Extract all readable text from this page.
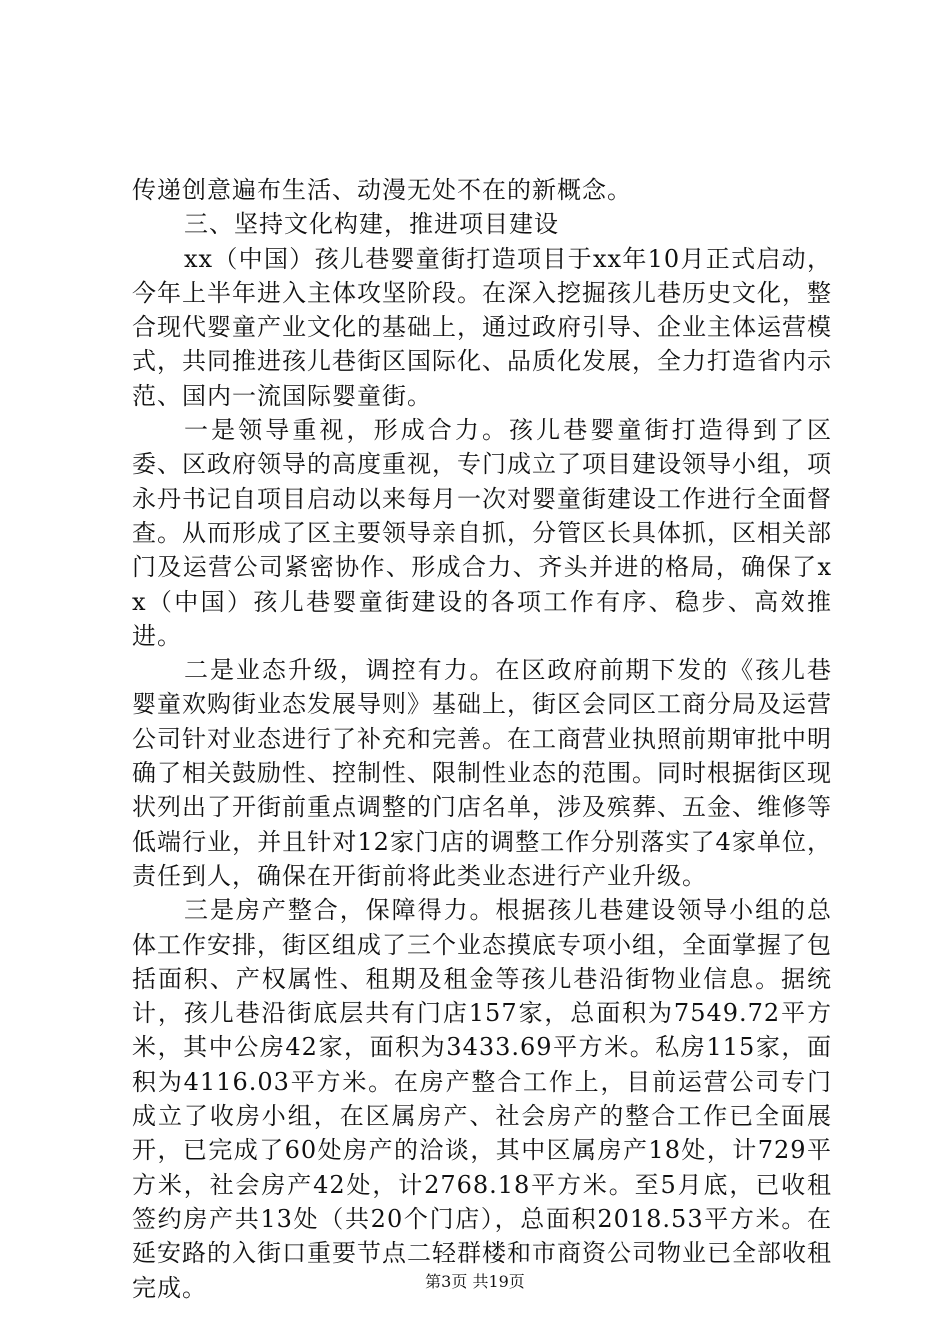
传递创意遍布生活、动漫无处不在的新概念。

三、坚持文化构建，推进项目建设

xx（中国）孩儿巷婴童街打造项目于xx年10月正式启动，今年上半年进入主体攻坚阶段。在深入挖掘孩儿巷历史文化，整合现代婴童产业文化的基础上，通过政府引导、企业主体运营模式，共同推进孩儿巷街区国际化、品质化发展，全力打造省内示范、国内一流国际婴童街。

一是领导重视，形成合力。孩儿巷婴童街打造得到了区委、区政府领导的高度重视，专门成立了项目建设领导小组，项永丹书记自项目启动以来每月一次对婴童街建设工作进行全面督查。从而形成了区主要领导亲自抓，分管区长具体抓，区相关部门及运营公司紧密协作、形成合力、齐头并进的格局，确保了xx（中国）孩儿巷婴童街建设的各项工作有序、稳步、高效推进。

二是业态升级，调控有力。在区政府前期下发的《孩儿巷婴童欢购街业态发展导则》基础上，街区会同区工商分局及运营公司针对业态进行了补充和完善。在工商营业执照前期审批中明确了相关鼓励性、控制性、限制性业态的范围。同时根据街区现状列出了开街前重点调整的门店名单，涉及殡葬、五金、维修等低端行业，并且针对12家门店的调整工作分别落实了4家单位，责任到人，确保在开街前将此类业态进行产业升级。

三是房产整合，保障得力。根据孩儿巷建设领导小组的总体工作安排，街区组成了三个业态摸底专项小组，全面掌握了包括面积、产权属性、租期及租金等孩儿巷沿街物业信息。据统计，孩儿巷沿街底层共有门店157家，总面积为7549.72平方米，其中公房42家，面积为3433.69平方米。私房115家，面积为4116.03平方米。在房产整合工作上，目前运营公司专门成立了收房小组，在区属房产、社会房产的整合工作已全面展开，已完成了60处房产的洽谈，其中区属房产18处，计729平方米，社会房产42处，计2768.18平方米。至5月底，已收租签约房产共13处（共20个门店），总面积2018.53平方米。在延安路的入街口重要节点二轻群楼和市商资公司物业已全部收租完成。	第3页 共19页
